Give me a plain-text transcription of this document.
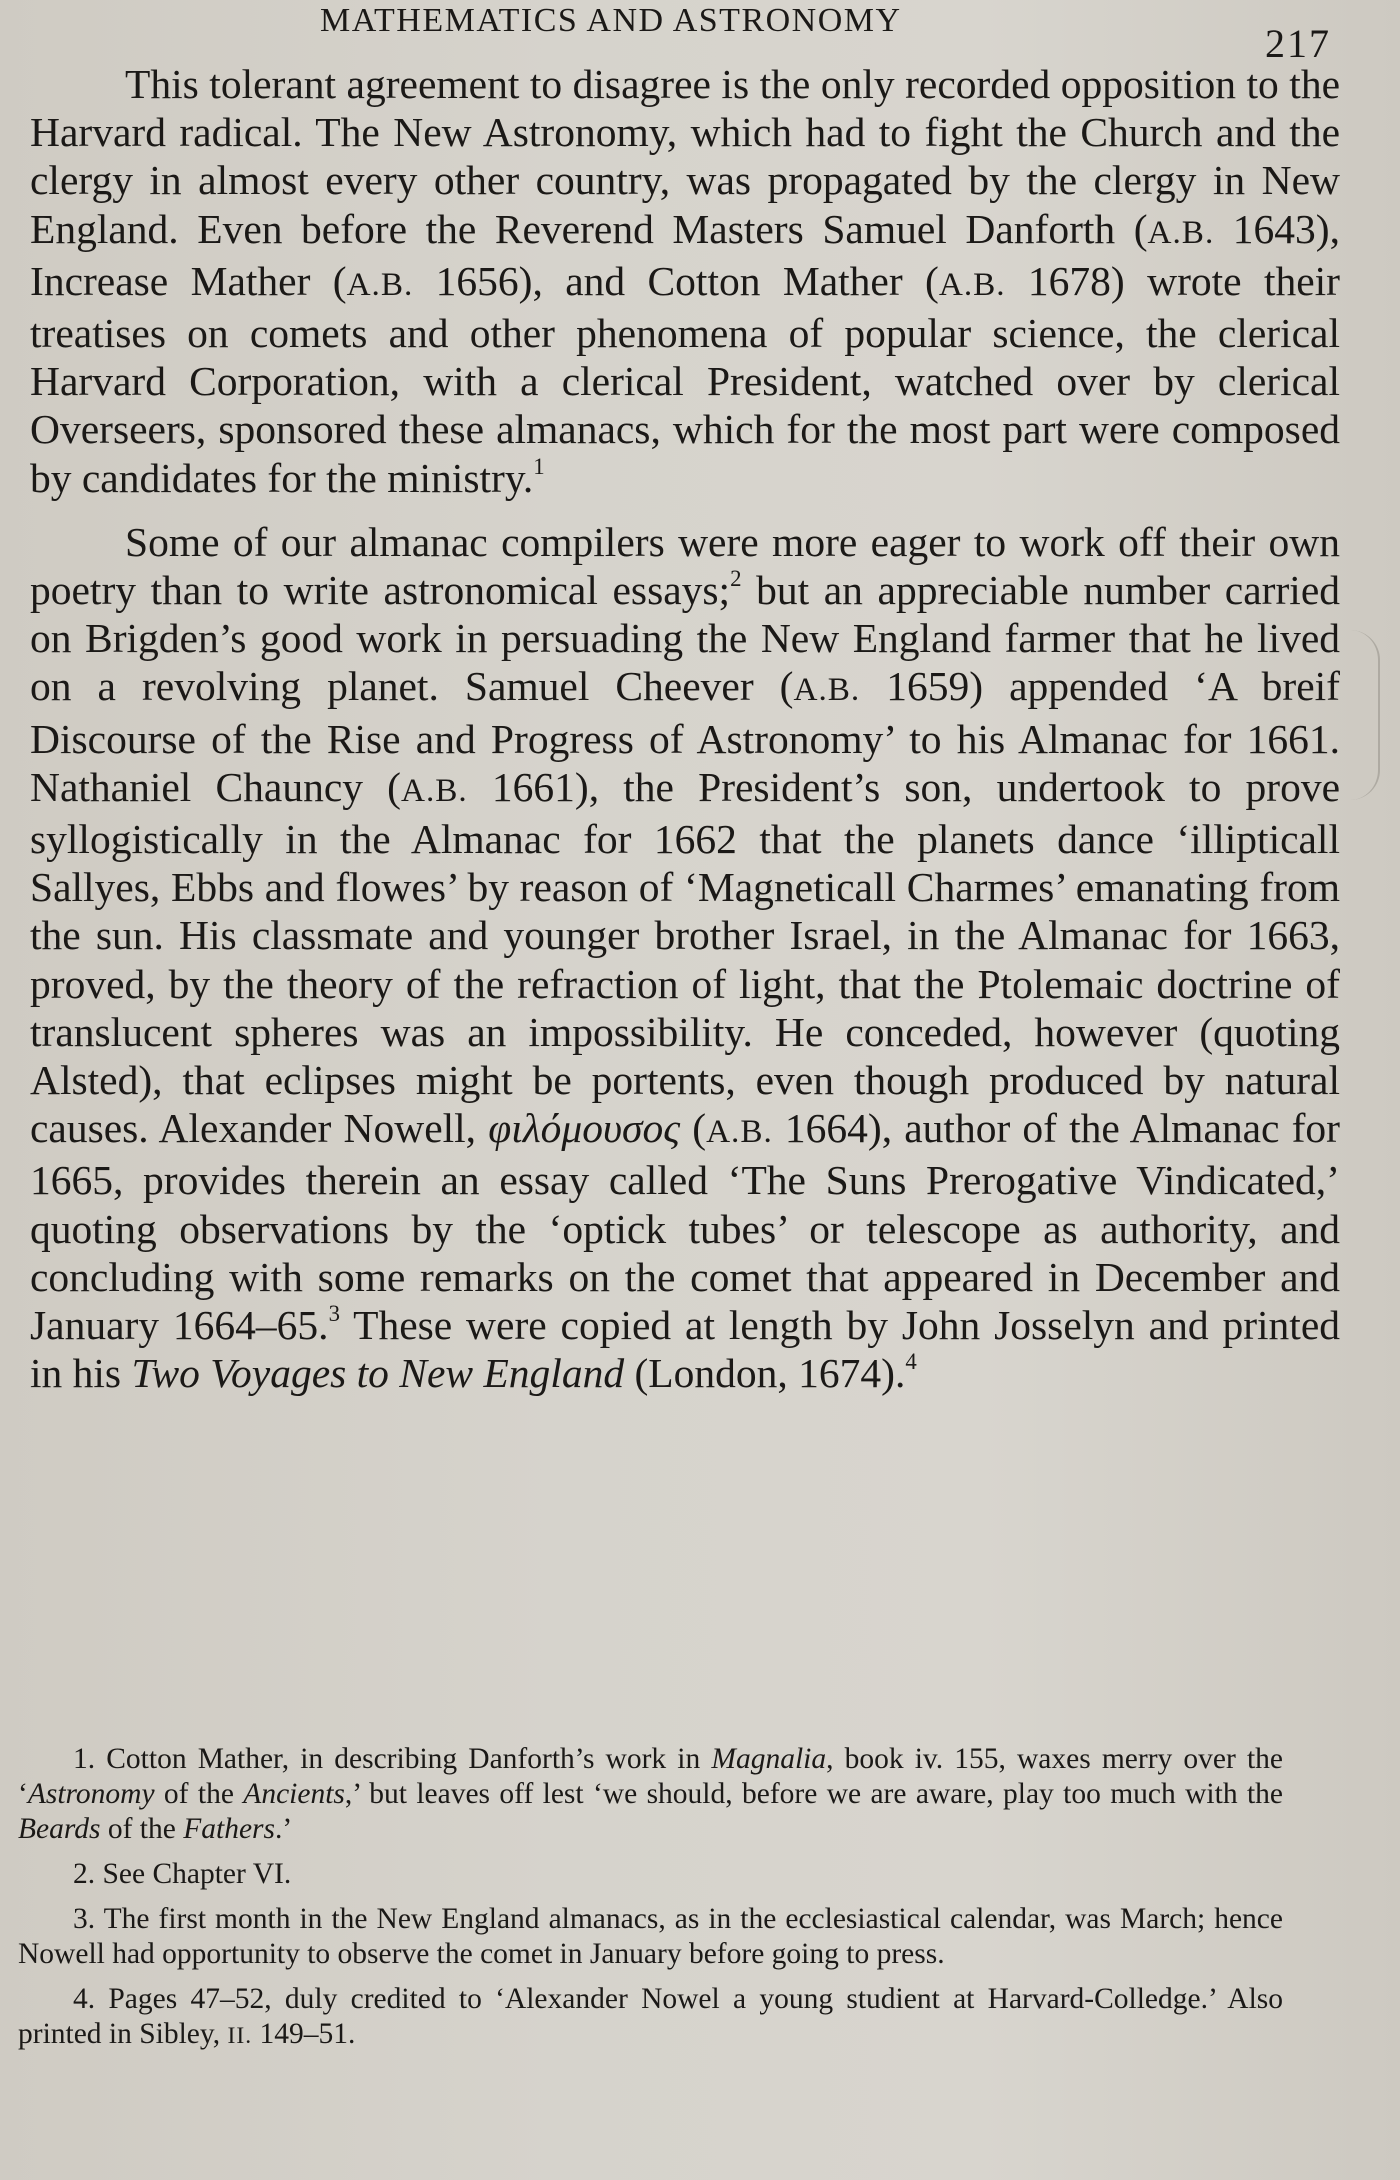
MATHEMATICS AND ASTRONOMY
217

This tolerant agreement to disagree is the only recorded opposition to the Harvard radical. The New Astronomy, which had to fight the Church and the clergy in almost every other country, was propagated by the clergy in New England. Even before the Reverend Masters Samuel Danforth (A.B. 1643), Increase Mather (A.B. 1656), and Cotton Mather (A.B. 1678) wrote their treatises on comets and other phenomena of popular science, the clerical Harvard Corporation, with a clerical President, watched over by clerical Overseers, sponsored these almanacs, which for the most part were composed by candidates for the ministry.$^1$

Some of our almanac compilers were more eager to work off their own poetry than to write astronomical essays;$^2$ but an appreciable number carried on Brigden’s good work in persuading the New England farmer that he lived on a revolving planet. Samuel Cheever (A.B. 1659) appended ‘A breif Discourse of the Rise and Progress of Astronomy’ to his Almanac for 1661. Nathaniel Chauncy (A.B. 1661), the President’s son, undertook to prove syllogistically in the Almanac for 1662 that the planets dance ‘illipticall Sallyes, Ebbs and flowes’ by reason of ‘Magneticall Charmes’ emanating from the sun. His classmate and younger brother Israel, in the Almanac for 1663, proved, by the theory of the refraction of light, that the Ptolemaic doctrine of translucent spheres was an impossibility. He conceded, however (quoting Alsted), that eclipses might be portents, even though produced by natural causes. Alexander Nowell, φιλόμουσος (A.B. 1664), author of the Almanac for 1665, provides therein an essay called ‘The Suns Prerogative Vindicated,’ quoting observations by the ‘optick tubes’ or telescope as authority, and concluding with some remarks on the comet that appeared in December and January 1664–65.$^3$ These were copied at length by John Josselyn and printed in his Two Voyages to New England (London, 1674).$^4$

1. Cotton Mather, in describing Danforth’s work in Magnalia, book iv. 155, waxes merry over the ‘Astronomy of the Ancients,’ but leaves off lest ‘we should, before we are aware, play too much with the Beards of the Fathers.’

2. See Chapter VI.

3. The first month in the New England almanacs, as in the ecclesiastical calendar, was March; hence Nowell had opportunity to observe the comet in January before going to press.

4. Pages 47–52, duly credited to ‘Alexander Nowel a young studient at Harvard-Colledge.’ Also printed in Sibley, II. 149–51.
